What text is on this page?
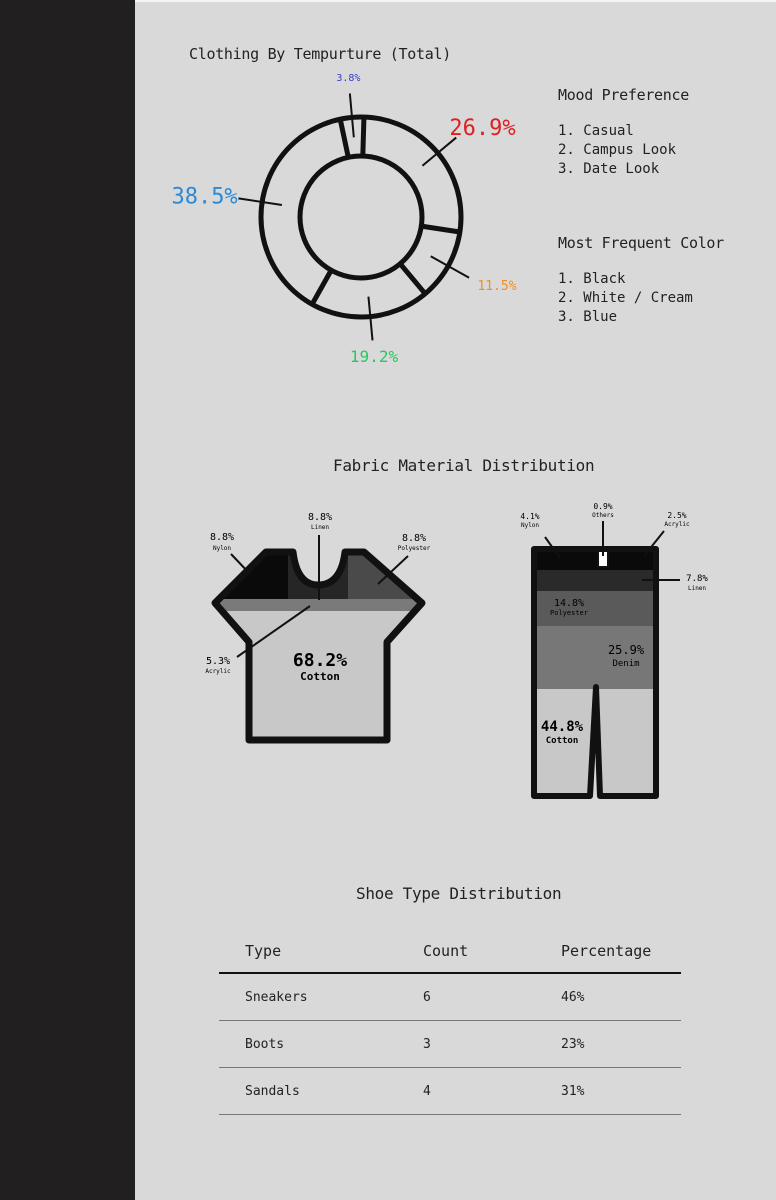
Clothing By Tempurture (Total)
3.8%
26.9%
11.5%
19.2%
38.5%
Mood Preference
1. Casual
2. Campus Look
3. Date Look
Most Frequent Color
1. Black
2. White / Cream
3. Blue
Fabric Material Distribution
8.8%
Nylon
8.8%
Linen
8.8%
Polyester
5.3%
Acrylic
68.2%
Cotton
4.1%
Nylon
0.9%
Others	2.5%
Acrylic
7.8%
Linen
14.8%
Polyester
25.9%
Denim
44.8%
Cotton
Shoe Type Distribution
Type	Count	Percentage
Sneakers	6	46%
Boots	3	23%
Sandals	4	31%
